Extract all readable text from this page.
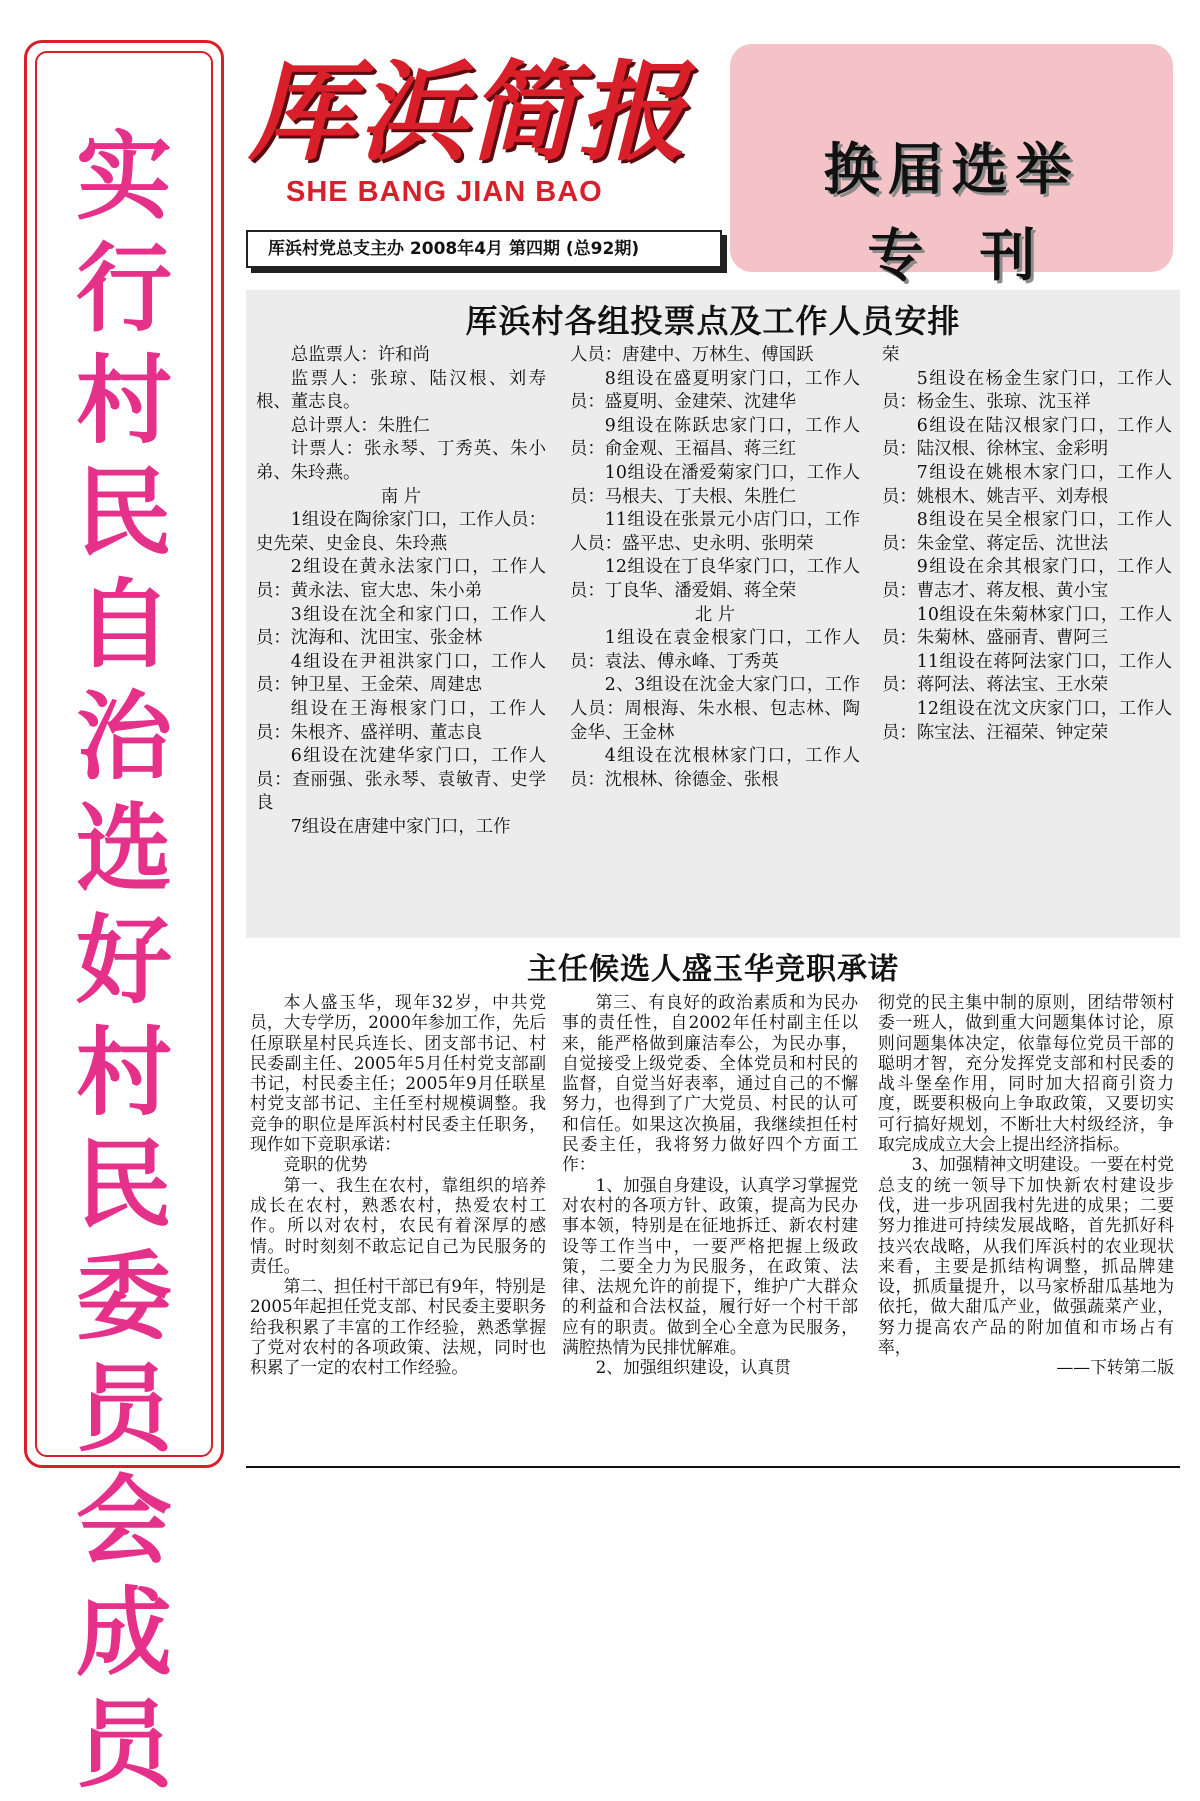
实
行
村
民
自
治
选
好
村
民
委
员
会
成
员
厍浜简报
SHE BANG JIAN BAO
厍浜村党总支主办 2008年4月 第四期 (总92期)
换届选举
专刊
厍浜村各组投票点及工作人员安排

总监票人：许和尚

监票人：张琼、陆汉根、刘寿根、董志良。

总计票人：朱胜仁

计票人：张永琴、丁秀英、朱小弟、朱玲燕。

南 片

1组设在陶徐家门口，工作人员：史先荣、史金良、朱玲燕

2组设在黄永法家门口，工作人员：黄永法、宦大忠、朱小弟

3组设在沈全和家门口，工作人员：沈海和、沈田宝、张金林

4组设在尹祖洪家门口，工作人员：钟卫星、王金荣、周建忠

组设在王海根家门口，工作人员：朱根齐、盛祥明、董志良

6组设在沈建华家门口，工作人员：查丽强、张永琴、袁敏青、史学良

7组设在唐建中家门口，工作

人员：唐建中、万林生、傅国跃

8组设在盛夏明家门口，工作人员：盛夏明、金建荣、沈建华

9组设在陈跃忠家门口，工作人员：俞金观、王福昌、蒋三红

10组设在潘爱菊家门口，工作人员：马根夫、丁夫根、朱胜仁

11组设在张景元小店门口，工作人员：盛平忠、史永明、张明荣

12组设在丁良华家门口，工作人员：丁良华、潘爱娟、蒋全荣

北 片

1组设在袁金根家门口，工作人员：袁法、傅永峰、丁秀英

2、3组设在沈金大家门口，工作人员：周根海、朱水根、包志林、陶金华、王金林

4组设在沈根林家门口，工作人员：沈根林、徐德金、张根

荣

5组设在杨金生家门口，工作人员：杨金生、张琼、沈玉祥

6组设在陆汉根家门口，工作人员：陆汉根、徐林宝、金彩明

7组设在姚根木家门口，工作人员：姚根木、姚吉平、刘寿根

8组设在吴全根家门口，工作人员：朱金堂、蒋定岳、沈世法

9组设在余其根家门口，工作人员：曹志才、蒋友根、黄小宝

10组设在朱菊林家门口，工作人员：朱菊林、盛丽青、曹阿三

11组设在蒋阿法家门口，工作人员：蒋阿法、蒋法宝、王水荣

12组设在沈文庆家门口，工作人员：陈宝法、汪福荣、钟定荣

主任候选人盛玉华竞职承诺

本人盛玉华，现年32岁，中共党员，大专学历，2000年参加工作，先后任原联星村民兵连长、团支部书记、村民委副主任、2005年5月任村党支部副书记，村民委主任；2005年9月任联星村党支部书记、主任至村规模调整。我竞争的职位是厍浜村村民委主任职务，现作如下竞职承诺：

竞职的优势

第一、我生在农村，靠组织的培养成长在农村，熟悉农村，热爱农村工作。所以对农村，农民有着深厚的感情。时时刻刻不敢忘记自己为民服务的责任。

第二、担任村干部已有9年，特别是2005年起担任党支部、村民委主要职务给我积累了丰富的工作经验，熟悉掌握了党对农村的各项政策、法规，同时也积累了一定的农村工作经验。

第三、有良好的政治素质和为民办事的责任性，自2002年任村副主任以来，能严格做到廉洁奉公，为民办事，自觉接受上级党委、全体党员和村民的监督，自觉当好表率，通过自己的不懈努力，也得到了广大党员、村民的认可和信任。如果这次换届，我继续担任村民委主任，我将努力做好四个方面工作：

1、加强自身建设，认真学习掌握党对农村的各项方针、政策，提高为民办事本领，特别是在征地拆迁、新农村建设等工作当中，一要严格把握上级政策，二要全力为民服务，在政策、法律、法规允许的前提下，维护广大群众的利益和合法权益，履行好一个村干部应有的职责。做到全心全意为民服务，满腔热情为民排忧解难。

2、加强组织建设，认真贯

彻党的民主集中制的原则，团结带领村委一班人，做到重大问题集体讨论，原则问题集体决定，依靠每位党员干部的聪明才智，充分发挥党支部和村民委的战斗堡垒作用，同时加大招商引资力度，既要积极向上争取政策，又要切实可行搞好规划，不断壮大村级经济，争取完成成立大会上提出经济指标。

3、加强精神文明建设。一要在村党总支的统一领导下加快新农村建设步伐，进一步巩固我村先进的成果；二要努力推进可持续发展战略，首先抓好科技兴农战略，从我们厍浜村的农业现状来看，主要是抓结构调整，抓品牌建设，抓质量提升，以马家桥甜瓜基地为依托，做大甜瓜产业，做强蔬菜产业，努力提高农产品的附加值和市场占有率，

——下转第二版
